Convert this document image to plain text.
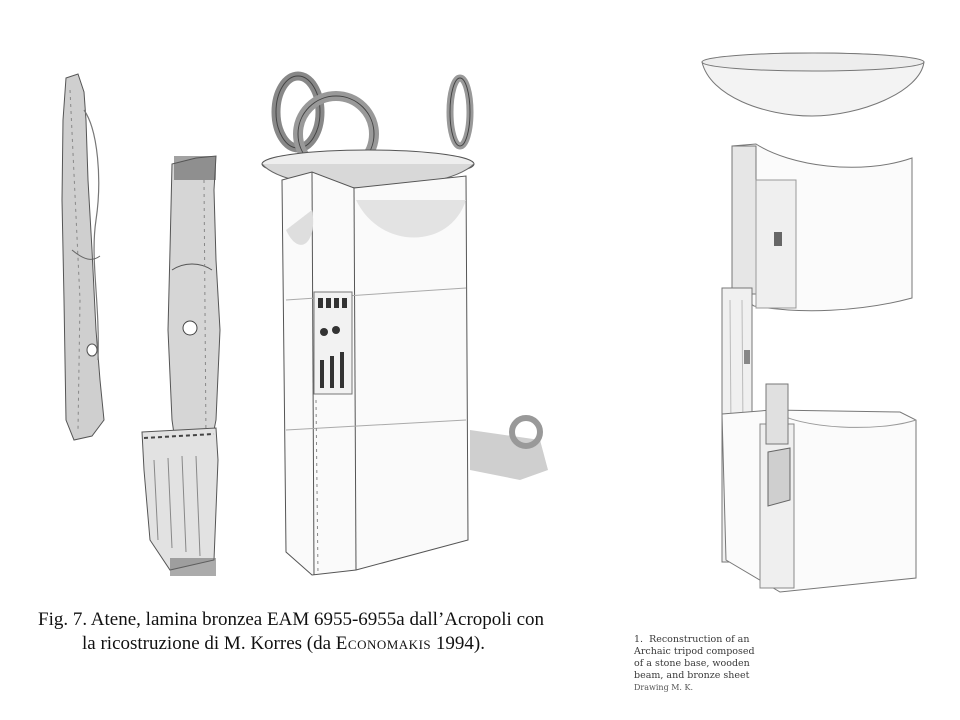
Fig. 7. Atene, lamina bronzea EAM 6955-6955a dall’Acropoli con
la ricostruzione di M. Korres (da Economakis 1994).	1. Reconstruction of an
Archaic tripod composed
of a stone base, wooden
beam, and bronze sheet
Drawing M. K.
